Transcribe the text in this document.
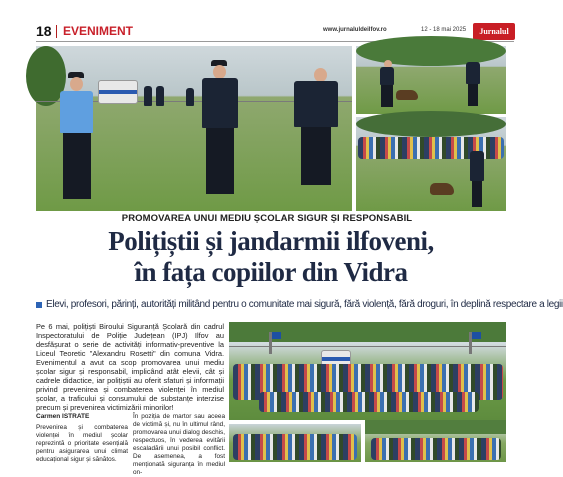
18 EVENIMENT	www.jurnaluldeilfov.ro	12 - 18 mai 2025	Jurnalul
PROMOVAREA UNUI MEDIU ȘCOLAR SIGUR ȘI RESPONSABIL
Polițiștii și jandarmii ilfoveni,
în fața copiilor din Vidra
Elevi, profesori, părinți, autorități militând pentru o comunitate mai sigură, fără violență, fără droguri, în deplină respectare a legii
Pe 6 mai, polițiști Biroului Siguranță Școlară din cadrul Inspectoratului de Poliție Județean (IPJ) Ilfov au desfășurat o serie de activități informativ-preventive la Liceul Teoretic "Alexandru Rosetti" din comuna Vidra. Evenimentul a avut ca scop promovarea unui mediu școlar sigur și responsabil, implicând atât elevii, cât și cadrele didactice, iar polițiștii au oferit sfaturi și informații privind prevenirea și combaterea violenței în mediul școlar, a traficului și consumului de substanțe interzise precum și prevenirea victimizării minorilor!
Carmen ISTRATE
Prevenirea și combaterea violenței în mediul școlar reprezintă o prioritate esențială pentru asigurarea unui climat educațional sigur și sănătos.
În poziția de martor sau aceea de victimă și, nu în ultimul rând, promovarea unui dialog deschis, respectuos, în vederea evitării escaladării unui posibil conflict. De asemenea, a fost menționată siguranța în mediul on-
